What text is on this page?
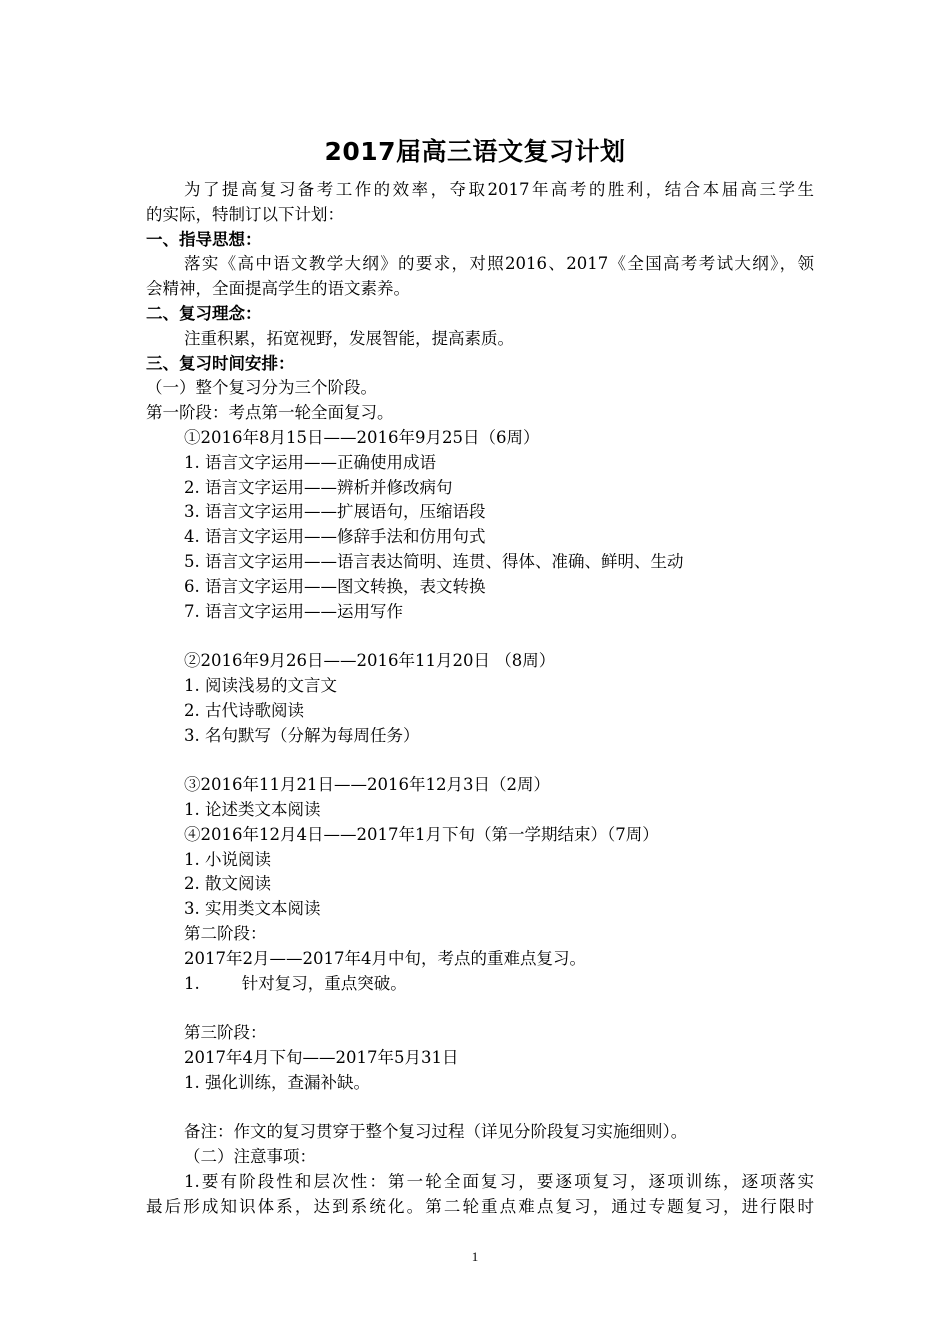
2017届高三语文复习计划
为了提高复习备考工作的效率，夺取2017年高考的胜利，结合本届高三学生
的实际，特制订以下计划：
一、指导思想：
落实《高中语文教学大纲》的要求，对照2016、2017《全国高考考试大纲》，领
会精神，全面提高学生的语文素养。
二、复习理念：
注重积累，拓宽视野，发展智能，提高素质。
三、复习时间安排：
（一）整个复习分为三个阶段。
第一阶段：考点第一轮全面复习。
①2016年8月15日——2016年9月25日（6周）
1. 语言文字运用——正确使用成语
2. 语言文字运用——辨析并修改病句
3. 语言文字运用——扩展语句，压缩语段
4. 语言文字运用——修辞手法和仿用句式
5. 语言文字运用——语言表达简明、连贯、得体、准确、鲜明、生动
6. 语言文字运用——图文转换，表文转换
7. 语言文字运用——运用写作
②2016年9月26日——2016年11月20日 （8周）
1. 阅读浅易的文言文
2. 古代诗歌阅读
3. 名句默写（分解为每周任务）
③2016年11月21日——2016年12月3日（2周）
1. 论述类文本阅读
④2016年12月4日——2017年1月下旬（第一学期结束）（7周）
1. 小说阅读
2. 散文阅读
3. 实用类文本阅读
第二阶段：
2017年2月——2017年4月中旬，考点的重难点复习。
1.        针对复习，重点突破。
第三阶段：
2017年4月下旬——2017年5月31日
1. 强化训练，查漏补缺。
备注：作文的复习贯穿于整个复习过程（详见分阶段复习实施细则）。
（二）注意事项：
1.要有阶段性和层次性：第一轮全面复习，要逐项复习，逐项训练，逐项落实
最后形成知识体系，达到系统化。第二轮重点难点复习，通过专题复习，进行限时
1
